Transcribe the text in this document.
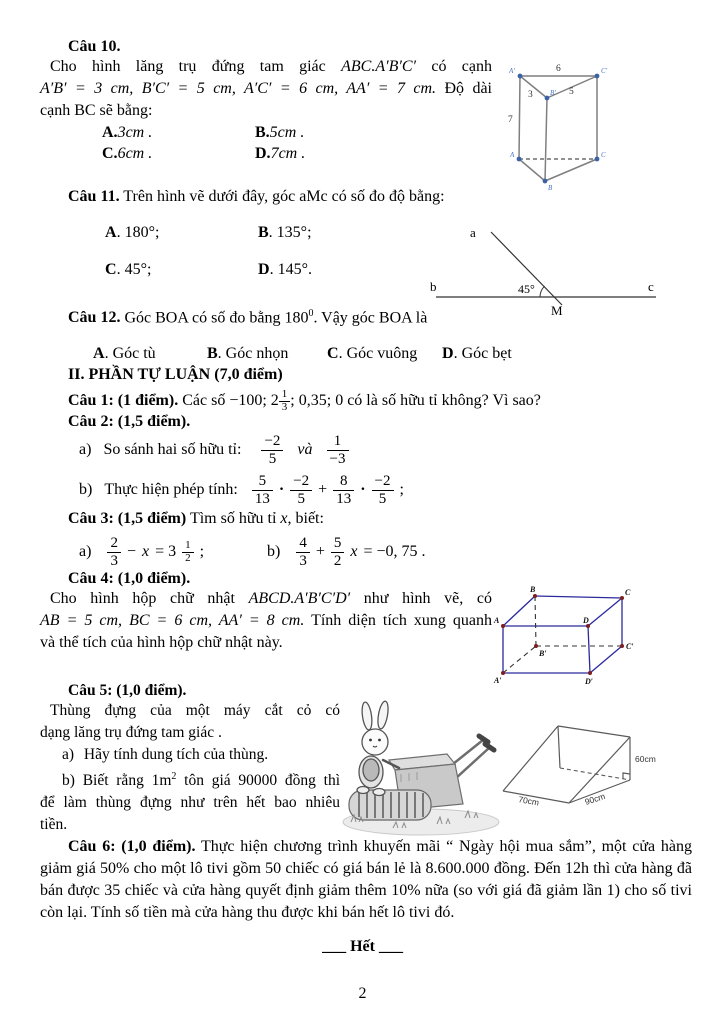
Câu 10.

Cho hình lăng trụ đứng tam giác ABC.A′B′C′ có cạnh

A′B′ = 3 cm, B′C′ = 5 cm, A′C′ = 6 cm, AA′ = 7 cm. Độ dài

cạnh BC sẽ bằng:

A.3cm .	B.5cm .
C.6cm .	D.7cm .
A′	C′
B′
A	C
B
6
3	5
7

Câu 11. Trên hình vẽ dưới đây, góc aMc có số đo độ bằng:

A. 180°;	B. 135°;
C. 45°;	D. 145°.
a
b	c
M
45°

Câu 12. Góc BOA có số đo bằng $180^0$. Vậy góc BOA là

A. Góc tù	B. Góc nhọn C. Góc vuông D. Góc bẹt
II. PHẦN TỰ LUẬN (7,0 điểm)

Câu 1: (1 điểm). Các số −100; $2 \frac{1}{3}$ ; 0,35; 0 có là số hữu tỉ không? Vì sao?

Câu 2: (1,5 điểm).
a) So sánh hai số hữu tỉ: $\frac{-2}{5}$ và $\frac{1}{-3}$
b) Thực hiện phép tính: $\frac{5}{13} \cdot \frac{-2}{5} + \frac{8}{13} \cdot \frac{-2}{5}$ ;

Câu 3: (1,5 điểm) Tìm số hữu tỉ x, biết:

$a) \frac{2}{3} - x = 3 \frac{1}{2}$ ;	$b) \frac{4}{3} + \frac{5}{2}$ x = −0, 75 .
Câu 4: (1,0 điểm).

Cho hình hộp chữ nhật ABCD.A′B′C′D′ như hình vẽ, có

AB = 5 cm, BC = 6 cm, AA′ = 8 cm. Tính diện tích xung quanh

và thể tích của hình hộp chữ nhật này.

B	C
A	D
B′
C′
A′	D′
Câu 5: (1,0 điểm).

Thùng đựng của một máy cắt cỏ có

dạng lăng trụ đứng tam giác .

a) Hãy tính dung tích của thùng.

b) Biết rằng $1m^2$ tôn giá 90000 đồng thì

để làm thùng đựng như trên hết bao nhiêu

tiền.

60cm
90cm
70cm

Câu 6: (1,0 điểm). Thực hiện chương trình khuyến mãi “ Ngày hội mua sắm”, một cửa hàng giảm giá 50% cho một lô tivi gồm 50 chiếc có giá bán lẻ là 8.600.000 đồng. Đến 12h thì cửa hàng đã bán được 35 chiếc và cửa hàng quyết định giảm thêm 10% nữa (so với giá đã giảm lần 1) cho số tivi còn lại. Tính số tiền mà cửa hàng thu được khi bán hết lô tivi đó.

___ Hết ___
2
